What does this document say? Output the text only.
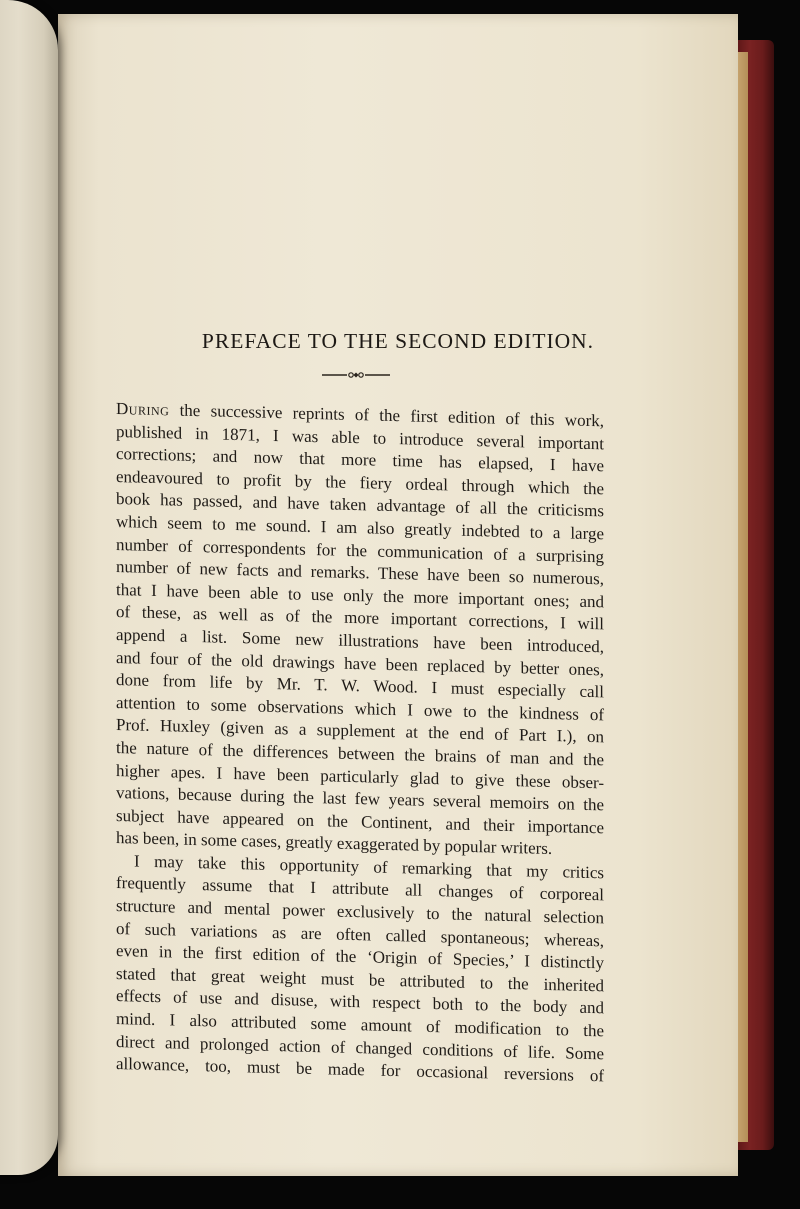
PREFACE TO THE SECOND EDITION.
During the successive reprints of the first edition of this work,
published in 1871, I was able to introduce several important
corrections; and now that more time has elapsed, I have
endeavoured to profit by the fiery ordeal through which the
book has passed, and have taken advantage of all the criticisms
which seem to me sound. I am also greatly indebted to a large
number of correspondents for the communication of a surprising
number of new facts and remarks. These have been so numerous,
that I have been able to use only the more important ones; and
of these, as well as of the more important corrections, I will
append a list. Some new illustrations have been introduced,
and four of the old drawings have been replaced by better ones,
done from life by Mr. T. W. Wood. I must especially call
attention to some observations which I owe to the kindness of
Prof. Huxley (given as a supplement at the end of Part I.), on
the nature of the differences between the brains of man and the
higher apes. I have been particularly glad to give these obser-
vations, because during the last few years several memoirs on the
subject have appeared on the Continent, and their importance
has been, in some cases, greatly exaggerated by popular writers.
I may take this opportunity of remarking that my critics
frequently assume that I attribute all changes of corporeal
structure and mental power exclusively to the natural selection
of such variations as are often called spontaneous; whereas,
even in the first edition of the ‘Origin of Species,’ I distinctly
stated that great weight must be attributed to the inherited
effects of use and disuse, with respect both to the body and
mind. I also attributed some amount of modification to the
direct and prolonged action of changed conditions of life. Some
allowance, too, must be made for occasional reversions of
